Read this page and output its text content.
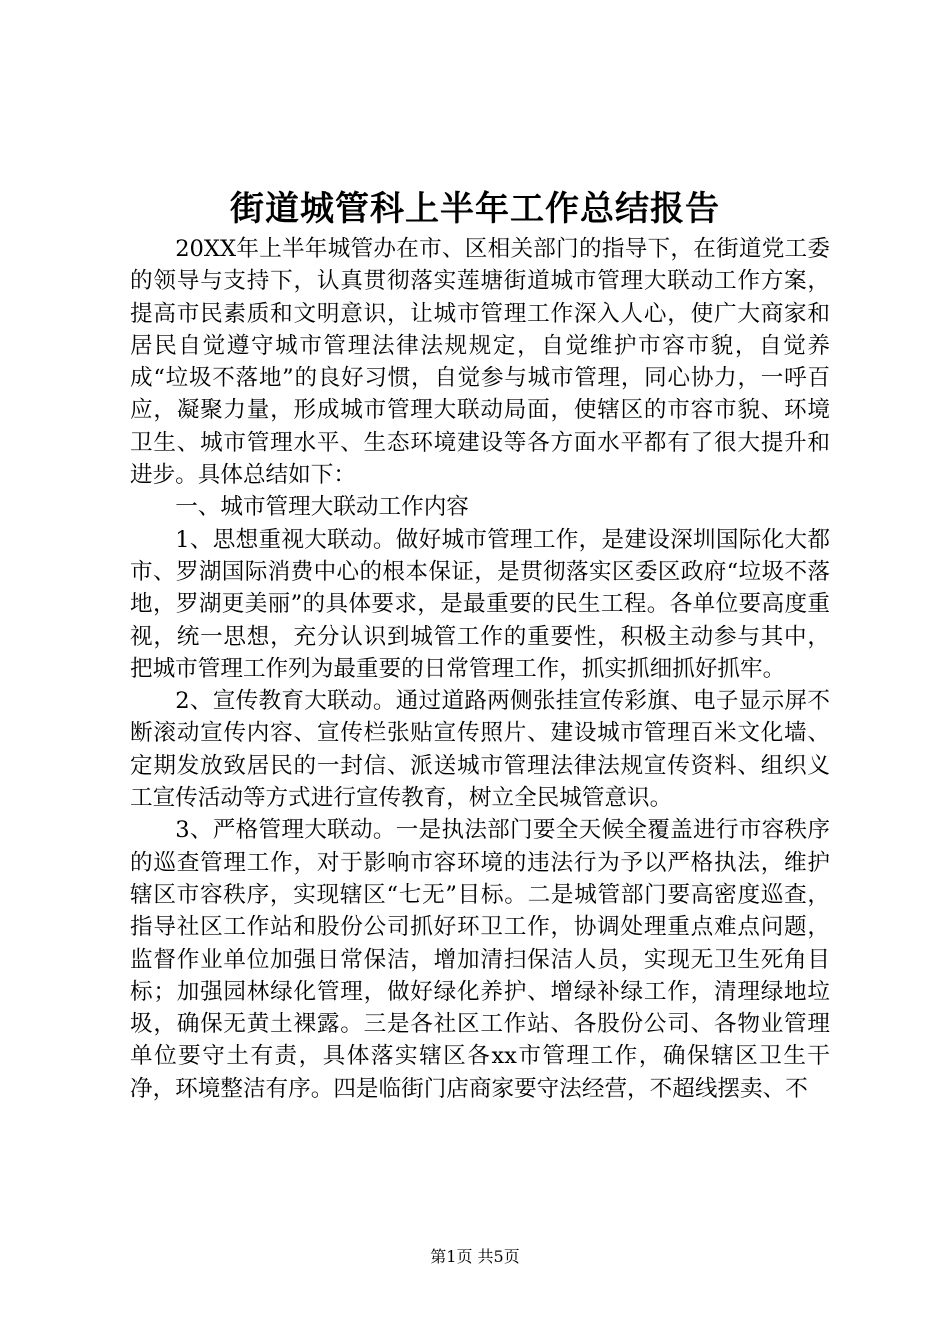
街道城管科上半年工作总结报告

20XX年上半年城管办在市、区相关部门的指导下，在街道党工委的领导与支持下，认真贯彻落实莲塘街道城市管理大联动工作方案，提高市民素质和文明意识，让城市管理工作深入人心，使广大商家和居民自觉遵守城市管理法律法规规定，自觉维护市容市貌，自觉养成“垃圾不落地”的良好习惯，自觉参与城市管理，同心协力，一呼百应，凝聚力量，形成城市管理大联动局面，使辖区的市容市貌、环境卫生、城市管理水平、生态环境建设等各方面水平都有了很大提升和进步。具体总结如下：

一、城市管理大联动工作内容

1、思想重视大联动。做好城市管理工作，是建设深圳国际化大都市、罗湖国际消费中心的根本保证，是贯彻落实区委区政府“垃圾不落地，罗湖更美丽”的具体要求，是最重要的民生工程。各单位要高度重视，统一思想，充分认识到城管工作的重要性，积极主动参与其中，把城市管理工作列为最重要的日常管理工作，抓实抓细抓好抓牢。

2、宣传教育大联动。通过道路两侧张挂宣传彩旗、电子显示屏不断滚动宣传内容、宣传栏张贴宣传照片、建设城市管理百米文化墙、定期发放致居民的一封信、派送城市管理法律法规宣传资料、组织义工宣传活动等方式进行宣传教育，树立全民城管意识。

3、严格管理大联动。一是执法部门要全天候全覆盖进行市容秩序的巡查管理工作，对于影响市容环境的违法行为予以严格执法，维护辖区市容秩序，实现辖区“七无”目标。二是城管部门要高密度巡查，指导社区工作站和股份公司抓好环卫工作，协调处理重点难点问题，监督作业单位加强日常保洁，增加清扫保洁人员，实现无卫生死角目标；加强园林绿化管理，做好绿化养护、增绿补绿工作，清理绿地垃圾，确保无黄土裸露。三是各社区工作站、各股份公司、各物业管理单位要守土有责，具体落实辖区各xx市管理工作，确保辖区卫生干净，环境整洁有序。四是临街门店商家要守法经营，不超线摆卖、不

第1页 共5页
